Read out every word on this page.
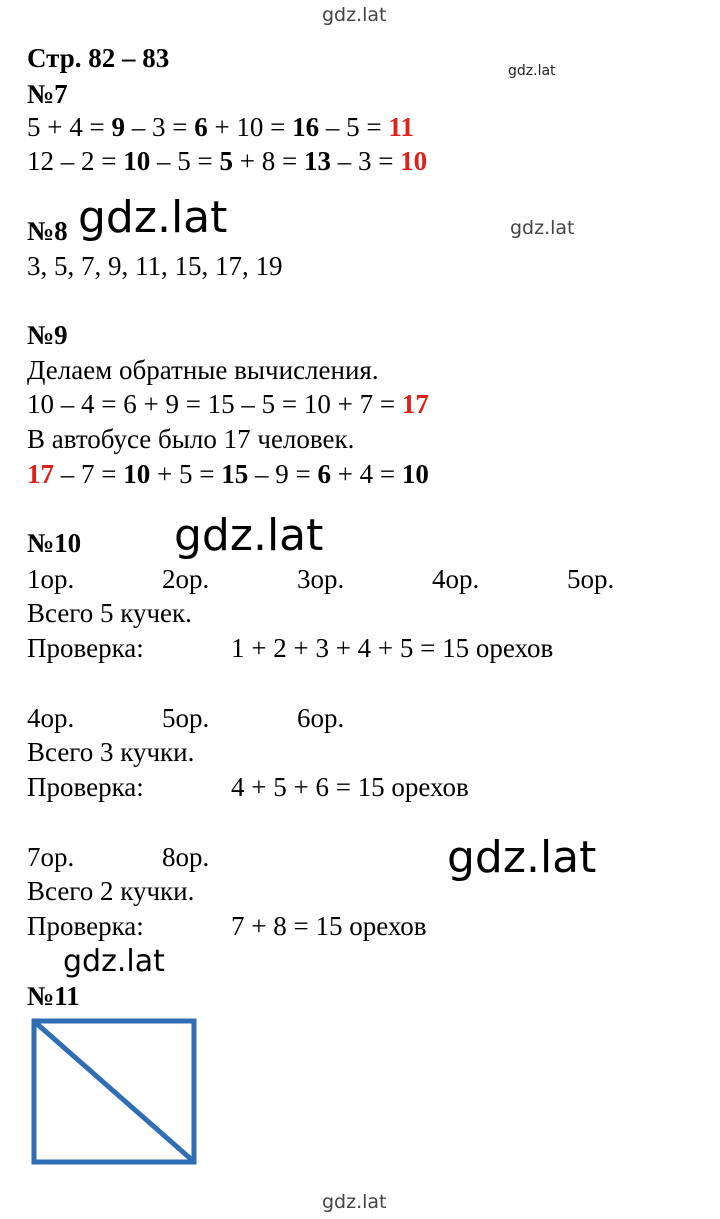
gdz.lat
gdz.lat
gdz.lat	gdz.lat
gdz.lat
gdz.lat
gdz.lat
gdz.lat
Стр. 82 – 83
№7
5 + 4 = 9 – 3 = 6 + 10 = 16 – 5 = 11
12 – 2 = 10 – 5 = 5 + 8 = 13 – 3 = 10
№8
3, 5, 7, 9, 11, 15, 17, 19
№9
Делаем обратные вычисления.
10 – 4 = 6 + 9 = 15 – 5 = 10 + 7 = 17
В автобусе было 17 человек.
17 – 7 = 10 + 5 = 15 – 9 = 6 + 4 = 10
№10
1ор.	2ор.	3ор.	4ор.	5ор.
Всего 5 кучек.
Проверка:	1 + 2 + 3 + 4 + 5 = 15 орехов
4ор.	5ор.	6ор.
Всего 3 кучки.
Проверка:	4 + 5 + 6 = 15 орехов
7ор.	8ор.
Всего 2 кучки.
Проверка:	7 + 8 = 15 орехов
№11
